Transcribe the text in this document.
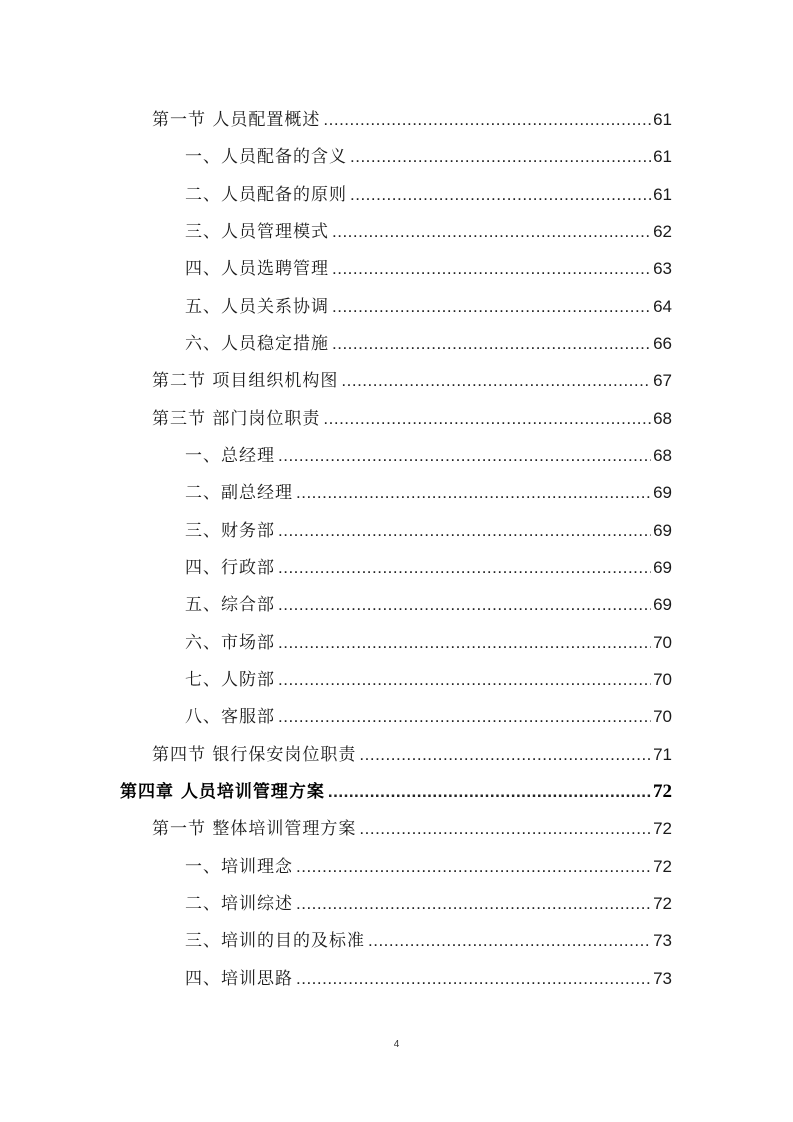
第一节 人员配置概述 .....	61
一、人员配备的含义 .....	61
二、人员配备的原则 .....	61
三、人员管理模式 .....	62
四、人员选聘管理 .....	63
五、人员关系协调 .....	64
六、人员稳定措施 .....	66
第二节 项目组织机构图 .....	67
第三节 部门岗位职责 .....	68
一、总经理 .....	68
二、副总经理 .....	69
三、财务部 .....	69
四、行政部 .....	69
五、综合部 .....	69
六、市场部 .....	70
七、人防部 .....	70
八、客服部 .....	70
第四节 银行保安岗位职责 .....	71
第四章 人员培训管理方案 .....	72
第一节 整体培训管理方案 .....	72
一、培训理念 .....	72
二、培训综述 .....	72
三、培训的目的及标准 .....	73
四、培训思路 .....	73
4
